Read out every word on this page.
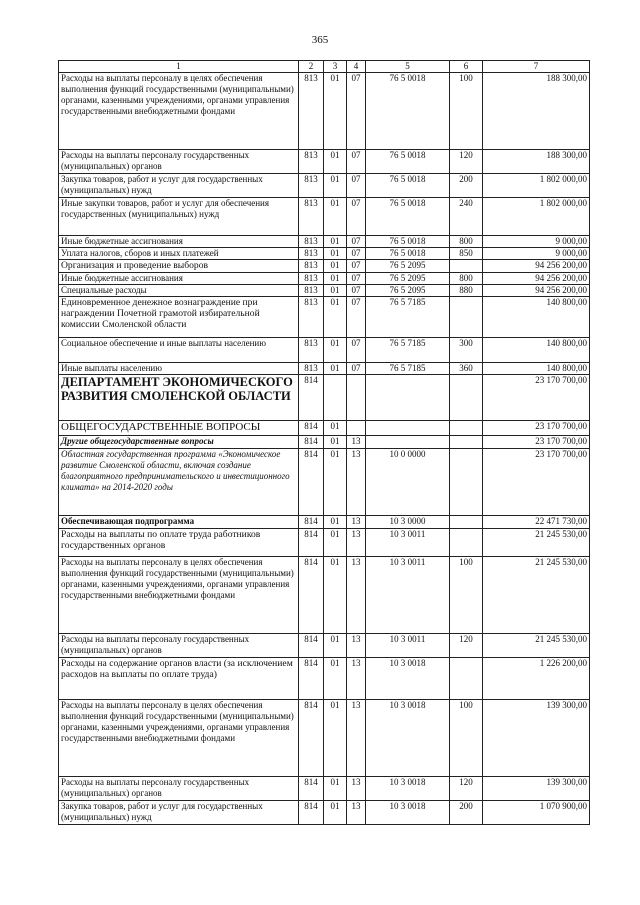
365
1	2	3	4	5	6	7
Расходы на выплаты персоналу в целях обеспечения выполнения функций государственными (муниципальными) органами, казенными учреждениями, органами управления государственными внебюджетными фондами	813	01	07	76 5 0018	100	188 300,00
Расходы на выплаты персоналу государственных (муниципальных) органов	813	01	07	76 5 0018	120	188 300,00
Закупка товаров, работ и услуг для государственных (муниципальных) нужд	813	01	07	76 5 0018	200	1 802 000,00
Иные закупки товаров, работ и услуг для обеспечения государственных (муниципальных) нужд	813	01	07	76 5 0018	240	1 802 000,00
Иные бюджетные ассигнования	813	01	07	76 5 0018	800	9 000,00
Уплата налогов, сборов и иных платежей	813	01	07	76 5 0018	850	9 000,00
Организация и проведение выборов	813	01	07	76 5 2095		94 256 200,00
Иные бюджетные ассигнования	813	01	07	76 5 2095	800	94 256 200,00
Специальные расходы	813	01	07	76 5 2095	880	94 256 200,00
Единовременное денежное вознаграждение при награждении Почетной грамотой избирательной комиссии Смоленской области	813	01	07	76 5 7185		140 800,00
Социальное обеспечение и иные выплаты населению	813	01	07	76 5 7185	300	140 800,00
Иные выплаты населению	813	01	07	76 5 7185	360	140 800,00
ДЕПАРТАМЕНТ ЭКОНОМИЧЕСКОГО РАЗВИТИЯ СМОЛЕНСКОЙ ОБЛАСТИ	814					23 170 700,00
ОБЩЕГОСУДАРСТВЕННЫЕ ВОПРОСЫ	814	01				23 170 700,00
Другие общегосударственные вопросы	814	01	13			23 170 700,00
Областная государственная программа «Экономическое развитие Смоленской области, включая создание благоприятного предпринимательского и инвестиционного климата» на 2014-2020 годы	814	01	13	10 0 0000		23 170 700,00
Обеспечивающая подпрограмма	814	01	13	10 3 0000		22 471 730,00
Расходы на выплаты по оплате труда работников государственных органов	814	01	13	10 3 0011		21 245 530,00
Расходы на выплаты персоналу в целях обеспечения выполнения функций государственными (муниципальными) органами, казенными учреждениями, органами управления государственными внебюджетными фондами	814	01	13	10 3 0011	100	21 245 530,00
Расходы на выплаты персоналу государственных (муниципальных) органов	814	01	13	10 3 0011	120	21 245 530,00
Расходы на содержание органов власти (за исключением расходов на выплаты по оплате труда)	814	01	13	10 3 0018		1 226 200,00
Расходы на выплаты персоналу в целях обеспечения выполнения функций государственными (муниципальными) органами, казенными учреждениями, органами управления государственными внебюджетными фондами	814	01	13	10 3 0018	100	139 300,00
Расходы на выплаты персоналу государственных (муниципальных) органов	814	01	13	10 3 0018	120	139 300,00
Закупка товаров, работ и услуг для государственных (муниципальных) нужд	814	01	13	10 3 0018	200	1 070 900,00
